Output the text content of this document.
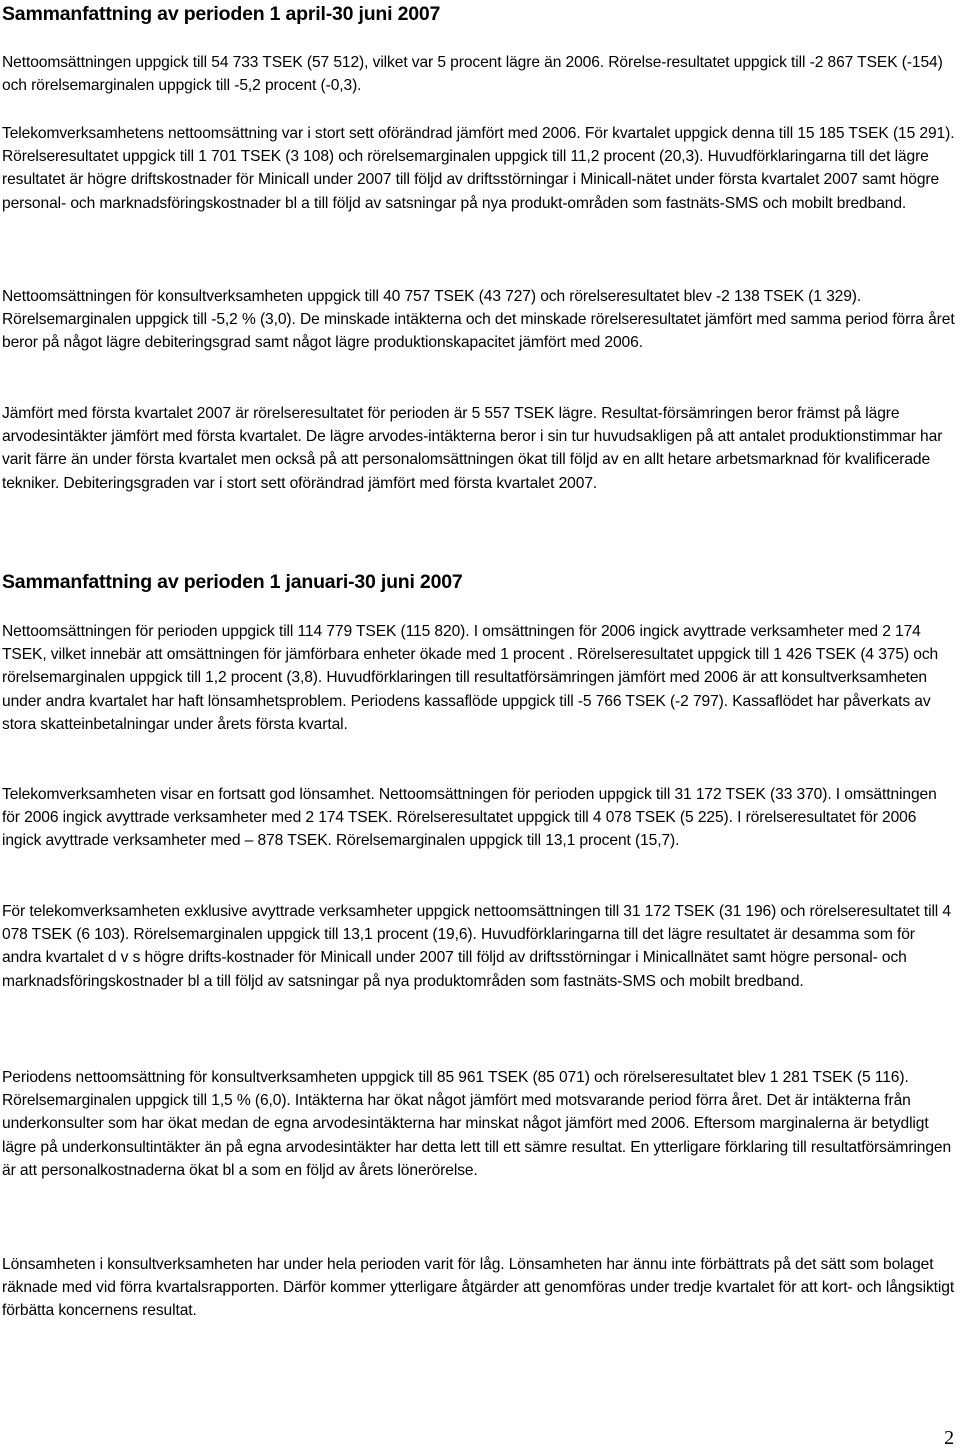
Sammanfattning av perioden 1 april-30 juni 2007

Nettoomsättningen uppgick till 54 733 TSEK (57 512), vilket var 5 procent lägre än 2006. Rörelse-resultatet uppgick till -2 867 TSEK (-154) och rörelsemarginalen uppgick till -5,2 procent (-0,3).

Telekomverksamhetens nettoomsättning var i stort sett oförändrad jämfört med 2006. För kvartalet uppgick denna till 15 185 TSEK (15 291). Rörelseresultatet uppgick till 1 701 TSEK (3 108) och rörelsemarginalen uppgick till 11,2 procent (20,3). Huvudförklaringarna till det lägre resultatet är högre driftskostnader för Minicall under 2007 till följd av driftsstörningar i Minicall-nätet under första kvartalet 2007 samt högre personal- och marknadsföringskostnader bl a till följd av satsningar på nya produkt-områden som fastnäts-SMS och mobilt bredband.

Nettoomsättningen för konsultverksamheten uppgick till 40 757 TSEK (43 727) och rörelseresultatet blev -2 138 TSEK (1 329). Rörelsemarginalen uppgick till -5,2 % (3,0). De minskade intäkterna och det minskade rörelseresultatet jämfört med samma period förra året beror på något lägre debiteringsgrad samt något lägre produktionskapacitet jämfört med 2006.

Jämfört med första kvartalet 2007 är rörelseresultatet för perioden är 5 557 TSEK lägre. Resultat-försämringen beror främst på lägre arvodesintäkter jämfört med första kvartalet. De lägre arvodes-intäkterna beror i sin tur huvudsakligen på att antalet produktionstimmar har varit färre än under första kvartalet men också på att personalomsättningen ökat till följd av en allt hetare arbetsmarknad för kvalificerade tekniker. Debiteringsgraden var i stort sett oförändrad jämfört med första kvartalet 2007.

Sammanfattning av perioden 1 januari-30 juni 2007

Nettoomsättningen för perioden uppgick till 114 779 TSEK (115 820). I omsättningen för 2006 ingick avyttrade verksamheter med 2 174 TSEK, vilket innebär att omsättningen för jämförbara enheter ökade med 1 procent . Rörelseresultatet uppgick till 1 426 TSEK (4 375) och rörelsemarginalen uppgick till 1,2 procent (3,8). Huvudförklaringen till resultatförsämringen jämfört med 2006 är att konsultverksamheten under andra kvartalet har haft lönsamhetsproblem. Periodens kassaflöde uppgick till -5 766 TSEK (-2 797). Kassaflödet har påverkats av stora skatteinbetalningar under årets första kvartal.

Telekomverksamheten visar en fortsatt god lönsamhet. Nettoomsättningen för perioden uppgick till 31 172 TSEK (33 370). I omsättningen för 2006 ingick avyttrade verksamheter med 2 174 TSEK. Rörelseresultatet uppgick till 4 078 TSEK (5 225). I rörelseresultatet för 2006 ingick avyttrade verksamheter med – 878 TSEK. Rörelsemarginalen uppgick till 13,1 procent (15,7).

För telekomverksamheten exklusive avyttrade verksamheter uppgick nettoomsättningen till 31 172 TSEK (31 196) och rörelseresultatet till 4 078 TSEK (6 103). Rörelsemarginalen uppgick till 13,1 procent (19,6). Huvudförklaringarna till det lägre resultatet är desamma som för andra kvartalet d v s högre drifts-kostnader för Minicall under 2007 till följd av driftsstörningar i Minicallnätet samt högre personal- och marknadsföringskostnader bl a till följd av satsningar på nya produktområden som fastnäts-SMS och mobilt bredband.

Periodens nettoomsättning för konsultverksamheten uppgick till 85 961 TSEK (85 071) och rörelseresultatet blev 1 281 TSEK (5 116). Rörelsemarginalen uppgick till 1,5 % (6,0). Intäkterna har ökat något jämfört med motsvarande period förra året. Det är intäkterna från underkonsulter som har ökat medan de egna arvodesintäkterna har minskat något jämfört med 2006. Eftersom marginalerna är betydligt lägre på underkonsultintäkter än på egna arvodesintäkter har detta lett till ett sämre resultat. En ytterligare förklaring till resultatförsämringen är att personalkostnaderna ökat bl a som en följd av årets lönerörelse.

Lönsamheten i konsultverksamheten har under hela perioden varit för låg. Lönsamheten har ännu inte förbättrats på det sätt som bolaget räknade med vid förra kvartalsrapporten. Därför kommer ytterligare åtgärder att genomföras under tredje kvartalet för att kort- och långsiktigt förbätta koncernens resultat.

2
